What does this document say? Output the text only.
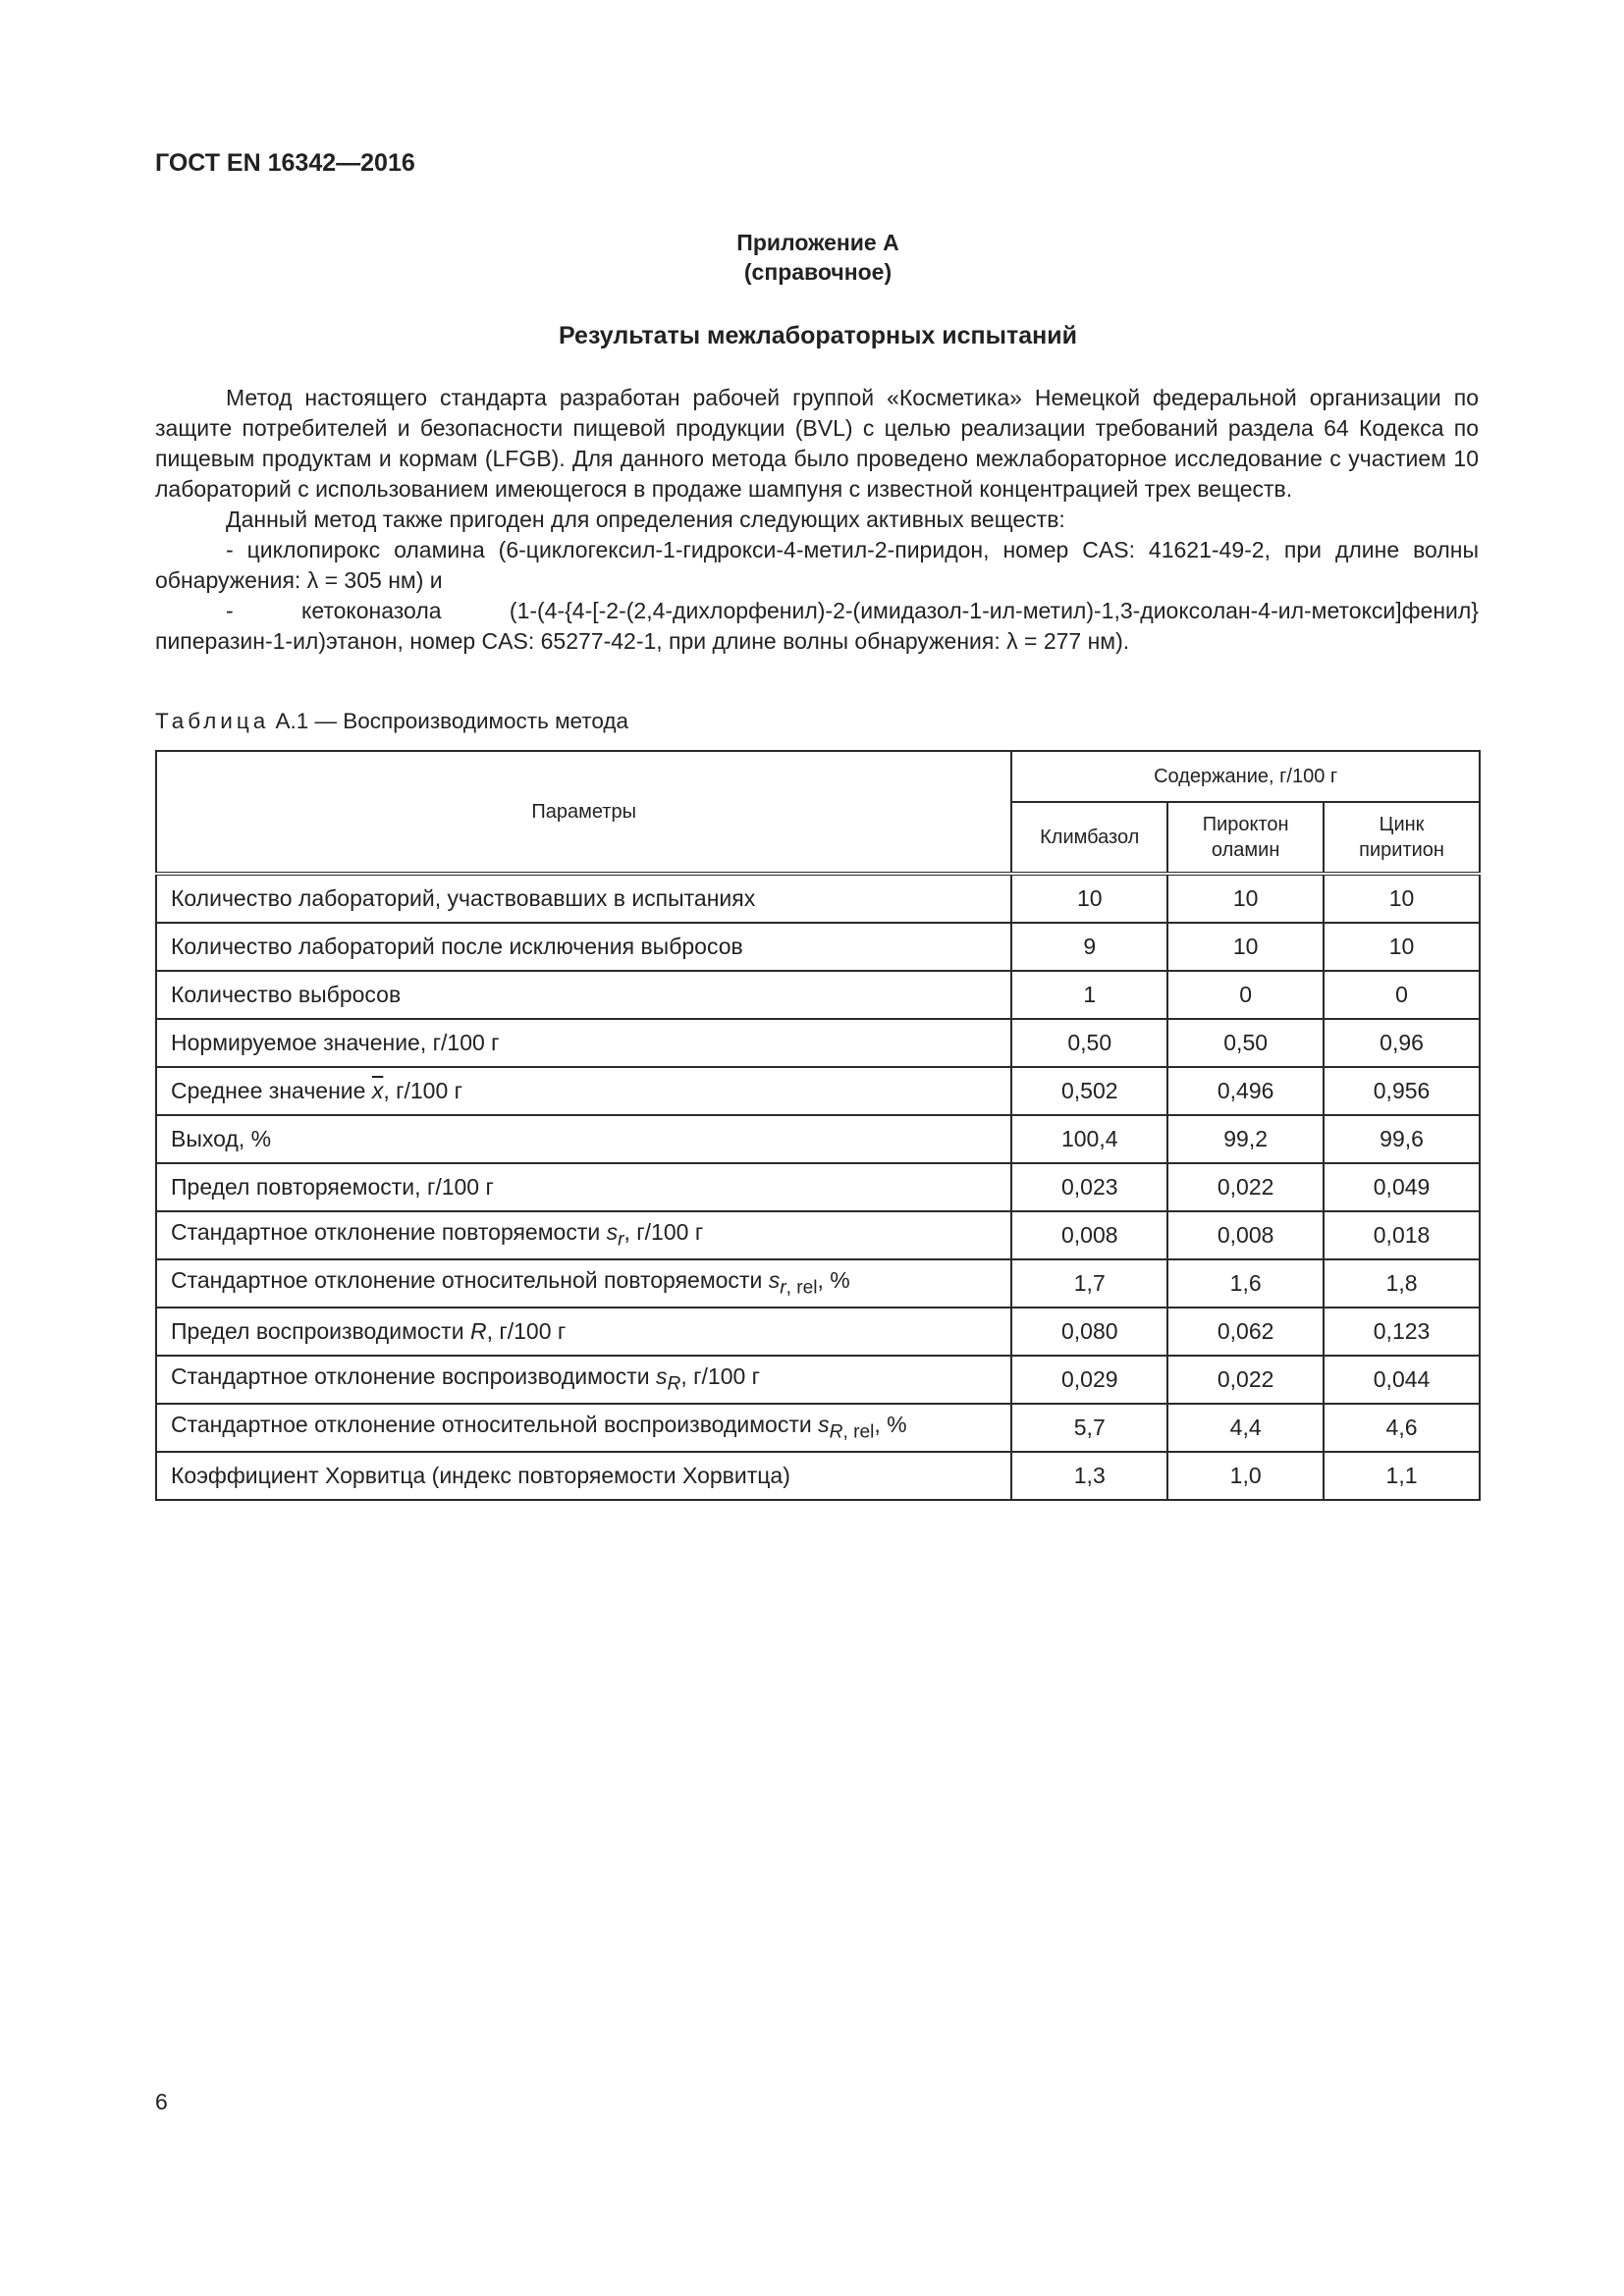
ГОСТ EN 16342—2016
Приложение А
(справочное)
Результаты межлабораторных испытаний

Метод настоящего стандарта разработан рабочей группой «Косметика» Немецкой федеральной организации по защите потребителей и безопасности пищевой продукции (BVL) с целью реализации требований раздела 64 Кодекса по пищевым продуктам и кормам (LFGB). Для данного метода было проведено межлабораторное исследование с участием 10 лабораторий с использованием имеющегося в продаже шампуня с известной концентрацией трех веществ.

Данный метод также пригоден для определения следующих активных веществ:

- циклопирокс оламина (6-циклогексил-1-гидрокси-4-метил-2-пиридон, номер CAS: 41621-49-2, при длине волны обнаружения: λ = 305 нм) и

- кетоконазола (1-(4-{4-[-2-(2,4-дихлорфенил)-2-(имидазол-1-ил-метил)-1,3-диоксолан-4-ил-метокси]фенил} пиперазин-1-ил)этанон, номер CAS: 65277-42-1, при длине волны обнаружения: λ = 277 нм).

Таблица А.1 — Воспроизводимость метода
Параметры	Содержание, г/100 г		
	Климбазол	Пироктон оламин	Цинк пиритион
Количество лабораторий, участвовавших в испытаниях	10	10	10
Количество лабораторий после исключения выбросов	9	10	10
Количество выбросов	1	0	0
Нормируемое значение, г/100 г	0,50	0,50	0,96
Среднее значение $\overline{x}$, г/100 г	0,502	0,496	0,956
Выход, %	100,4	99,2	99,6
Предел повторяемости, г/100 г	0,023	0,022	0,049
Стандартное отклонение повторяемости $s_r$, г/100 г	0,008	0,008	0,018
Стандартное отклонение относительной повторяемости $s_{r, rel}$, %	1,7	1,6	1,8
Предел воспроизводимости R, г/100 г	0,080	0,062	0,123
Стандартное отклонение воспроизводимости $s_R$, г/100 г	0,029	0,022	0,044
Стандартное отклонение относительной воспроизводимости $s_{R, rel}$, %	5,7	4,4	4,6
Коэффициент Хорвитца (индекс повторяемости Хорвитца)	1,3	1,0	1,1
6
